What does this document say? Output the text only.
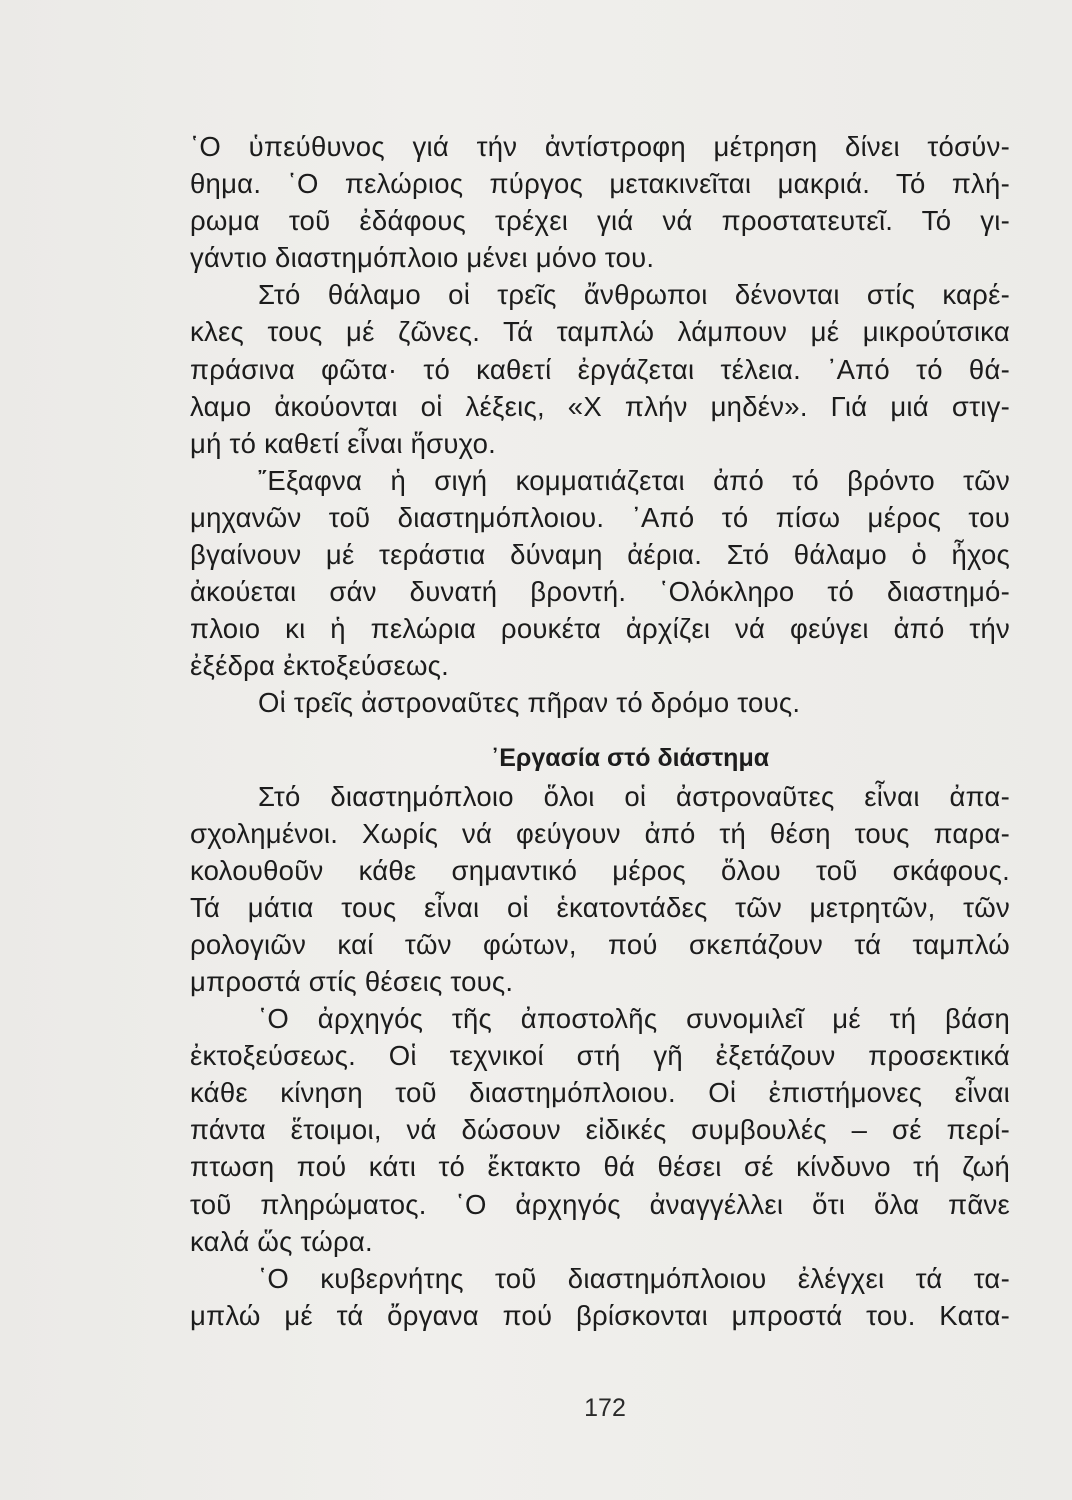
῾Ο ὑπεύθυνος γιά τήν ἀντίστροφη μέτρηση δίνει τόσύν-
θημα. ῾Ο πελώριος πύργος μετακινεῖται μακριά. Τό πλή-
ρωμα τοῦ ἐδάφους τρέχει γιά νά προστατευτεῖ. Τό γι-
γάντιο διαστημόπλοιο μένει μόνο του.
Στό θάλαμο οἱ τρεῖς ἄνθρωποι δένονται στίς καρέ-
κλες τους μέ ζῶνες. Τά ταμπλώ λάμπουν μέ μικρούτσικα
πράσινα φῶτα· τό καθετί ἐργάζεται τέλεια. ᾿Από τό θά-
λαμο ἀκούονται οἱ λέξεις, «Χ πλήν μηδέν». Γιά μιά στιγ-
μή τό καθετί εἶναι ἥσυχο.
῎Εξαφνα ἡ σιγή κομματιάζεται ἀπό τό βρόντο τῶν
μηχανῶν τοῦ διαστημόπλοιου. ᾿Από τό πίσω μέρος του
βγαίνουν μέ τεράστια δύναμη ἀέρια. Στό θάλαμο ὁ ἦχος
ἀκούεται σάν δυνατή βροντή. ῾Ολόκληρο τό διαστημό-
πλοιο κι ἡ πελώρια ρουκέτα ἀρχίζει νά φεύγει ἀπό τήν
ἐξέδρα ἐκτοξεύσεως.
Οἱ τρεῖς ἀστροναῦτες πῆραν τό δρόμο τους.
᾿Εργασία στό διάστημα
Στό διαστημόπλοιο ὅλοι οἱ ἀστροναῦτες εἶναι ἀπα-
σχολημένοι. Χωρίς νά φεύγουν ἀπό τή θέση τους παρα-
κολουθοῦν κάθε σημαντικό μέρος ὅλου τοῦ σκάφους.
Τά μάτια τους εἶναι οἱ ἑκατοντάδες τῶν μετρητῶν, τῶν
ρολογιῶν καί τῶν φώτων, πού σκεπάζουν τά ταμπλώ
μπροστά στίς θέσεις τους.
῾Ο ἀρχηγός τῆς ἀποστολῆς συνομιλεῖ μέ τή βάση
ἐκτοξεύσεως. Οἱ τεχνικοί στή γῆ ἐξετάζουν προσεκτικά
κάθε κίνηση τοῦ διαστημόπλοιου. Οἱ ἐπιστήμονες εἶναι
πάντα ἕτοιμοι, νά δώσουν εἰδικές συμβουλές – σέ περί-
πτωση πού κάτι τό ἔκτακτο θά θέσει σέ κίνδυνο τή ζωή
τοῦ πληρώματος. ῾Ο ἀρχηγός ἀναγγέλλει ὅτι ὅλα πᾶνε
καλά ὥς τώρα.
῾Ο κυβερνήτης τοῦ διαστημόπλοιου ἐλέγχει τά τα-
μπλώ μέ τά ὄργανα πού βρίσκονται μπροστά του. Κατα-
172
